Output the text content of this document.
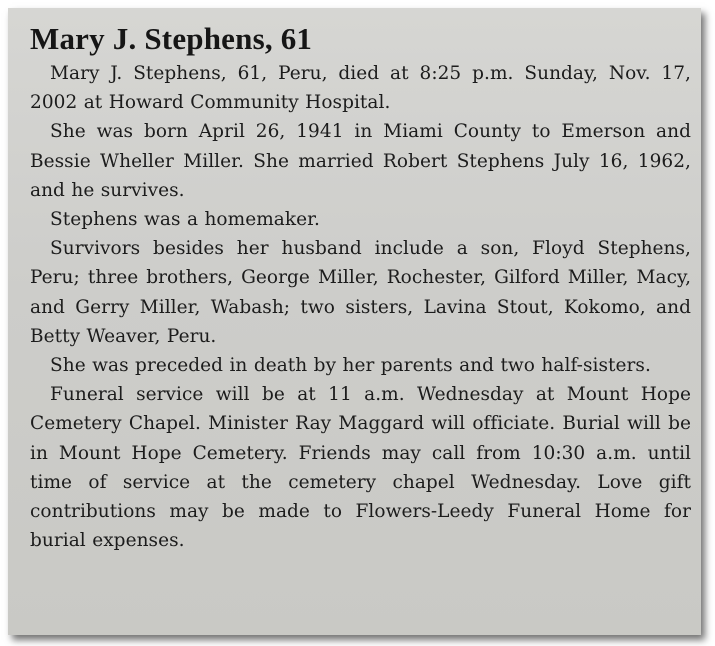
Mary J. Stephens, 61

Mary J. Stephens, 61, Peru, died at 8:25 p.m. Sunday, Nov. 17, 2002 at Howard Community Hospital.

She was born April 26, 1941 in Miami County to Emerson and Bessie Wheller Miller. She married Robert Stephens July 16, 1962, and he survives.

Stephens was a homemaker.

Survivors besides her husband include a son, Floyd Stephens, Peru; three brothers, George Miller, Rochester, Gilford Miller, Macy, and Gerry Miller, Wabash; two sisters, Lavina Stout, Kokomo, and Betty Weaver, Peru.

She was preceded in death by her parents and two half-sisters.

Funeral service will be at 11 a.m. Wednesday at Mount Hope Cemetery Chapel. Minister Ray Maggard will officiate. Burial will be in Mount Hope Cemetery. Friends may call from 10:30 a.m. until time of service at the cemetery chapel Wednesday. Love gift contributions may be made to Flowers-Leedy Funeral Home for burial expenses.
